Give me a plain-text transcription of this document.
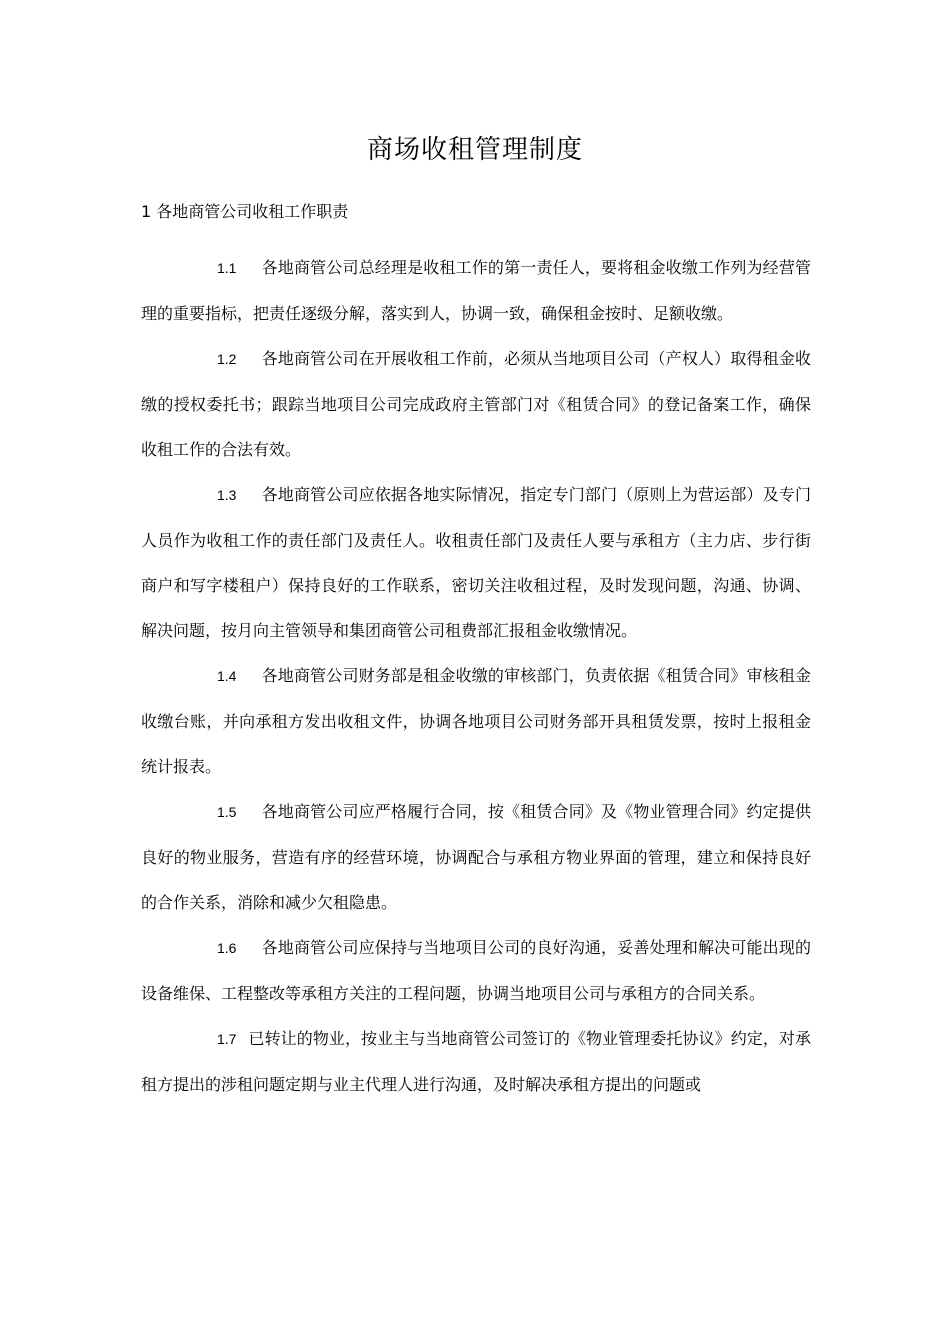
商场收租管理制度
1 各地商管公司收租工作职责

1.1 各地商管公司总经理是收租工作的第一责任人，要将租金收缴工作列为经营管理的重要指标，把责任逐级分解，落实到人，协调一致，确保租金按时、足额收缴。

1.2 各地商管公司在开展收租工作前，必须从当地项目公司（产权人）取得租金收缴的授权委托书；跟踪当地项目公司完成政府主管部门对《租赁合同》的登记备案工作，确保收租工作的合法有效。

1.3 各地商管公司应依据各地实际情况，指定专门部门（原则上为营运部）及专门人员作为收租工作的责任部门及责任人。收租责任部门及责任人要与承租方（主力店、步行街商户和写字楼租户）保持良好的工作联系，密切关注收租过程，及时发现问题，沟通、协调、解决问题，按月向主管领导和集团商管公司租费部汇报租金收缴情况。

1.4 各地商管公司财务部是租金收缴的审核部门，负责依据《租赁合同》审核租金收缴台账，并向承租方发出收租文件，协调各地项目公司财务部开具租赁发票，按时上报租金统计报表。

1.5 各地商管公司应严格履行合同，按《租赁合同》及《物业管理合同》约定提供良好的物业服务，营造有序的经营环境，协调配合与承租方物业界面的管理，建立和保持良好的合作关系，消除和减少欠租隐患。

1.6 各地商管公司应保持与当地项目公司的良好沟通，妥善处理和解决可能出现的设备维保、工程整改等承租方关注的工程问题，协调当地项目公司与承租方的合同关系。

1.7 已转让的物业，按业主与当地商管公司签订的《物业管理委托协议》约定，对承租方提出的涉租问题定期与业主代理人进行沟通，及时解决承租方提出的问题或
